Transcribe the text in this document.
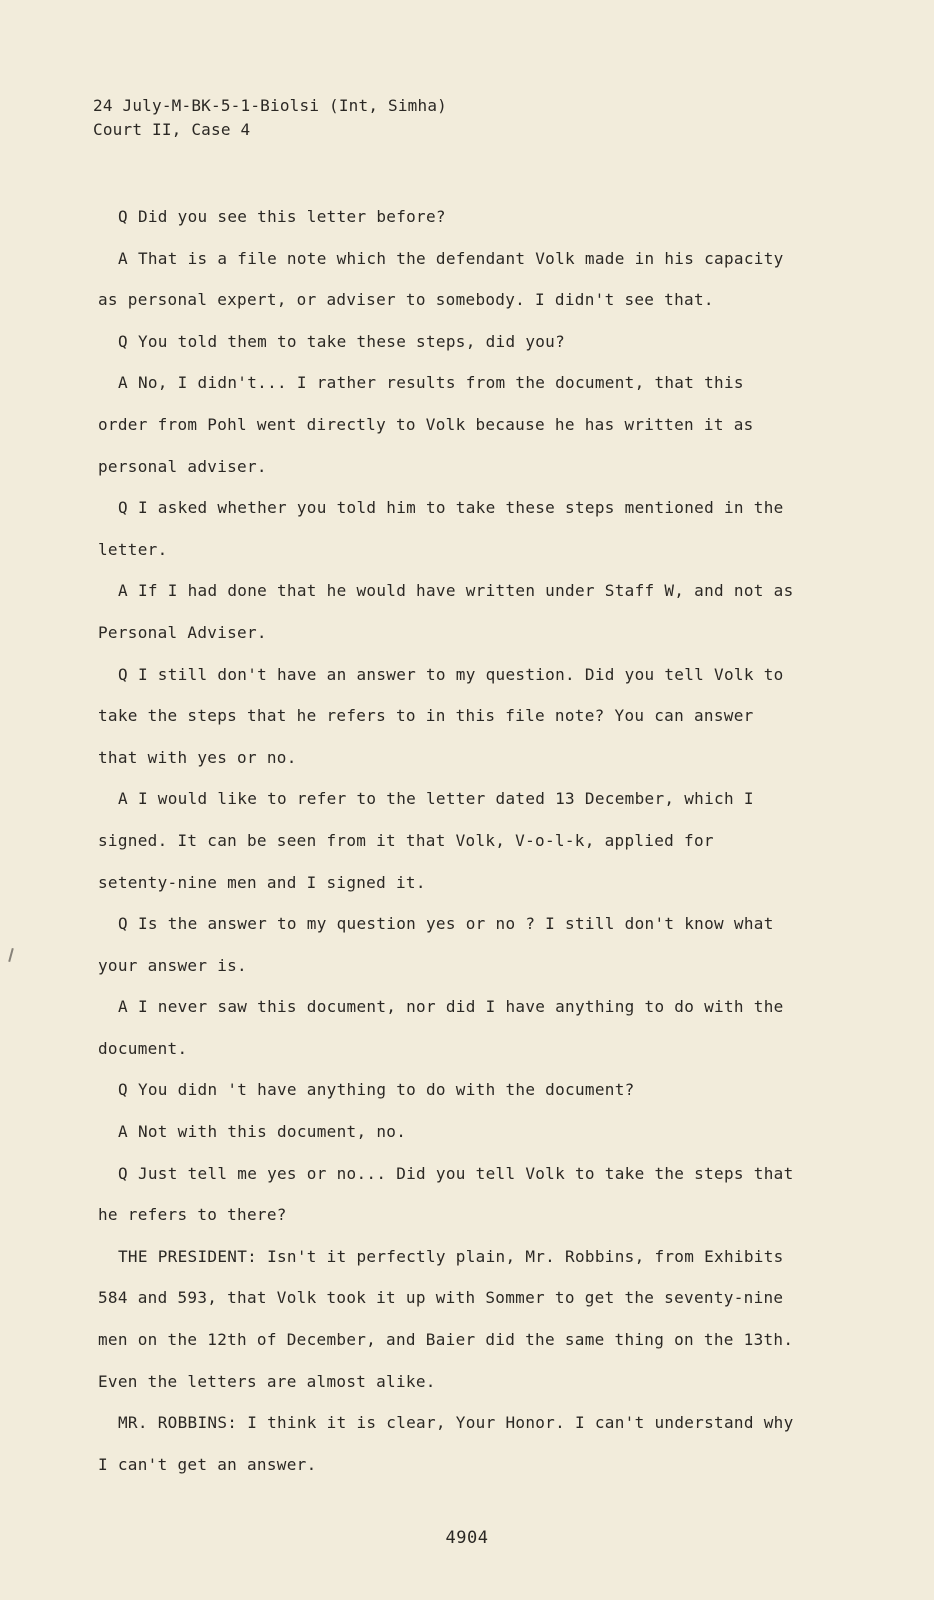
24 July-M-BK-5-1-Biolsi (Int, Simha)
Court II, Case 4

Q Did you see this letter before?

A That is a file note which the defendant Volk made in his capacity as personal expert, or adviser to somebody. I didn't see that.

Q You told them to take these steps, did you?

A No, I didn't... I rather results from the document, that this order from Pohl went directly to Volk because he has written it as personal adviser.

Q I asked whether you told him to take these steps mentioned in the letter.

A If I had done that he would have written under Staff W, and not as Personal Adviser.

Q I still don't have an answer to my question. Did you tell Volk to take the steps that he refers to in this file note? You can answer that with yes or no.

A I would like to refer to the letter dated 13 December, which I signed. It can be seen from it that Volk, V-o-l-k, applied for setenty-nine men and I signed it.

Q Is the answer to my question yes or no ? I still don't know what your answer is.

A I never saw this document, nor did I have anything to do with the document.

Q You didn 't have anything to do with the document?

A Not with this document, no.

Q Just tell me yes or no... Did you tell Volk to take the steps that he refers to there?

THE PRESIDENT: Isn't it perfectly plain, Mr. Robbins, from Exhibits 584 and 593, that Volk took it up with Sommer to get the seventy-nine men on the 12th of December, and Baier did the same thing on the 13th. Even the letters are almost alike.

MR. ROBBINS: I think it is clear, Your Honor. I can't understand why I can't get an answer.

4904
